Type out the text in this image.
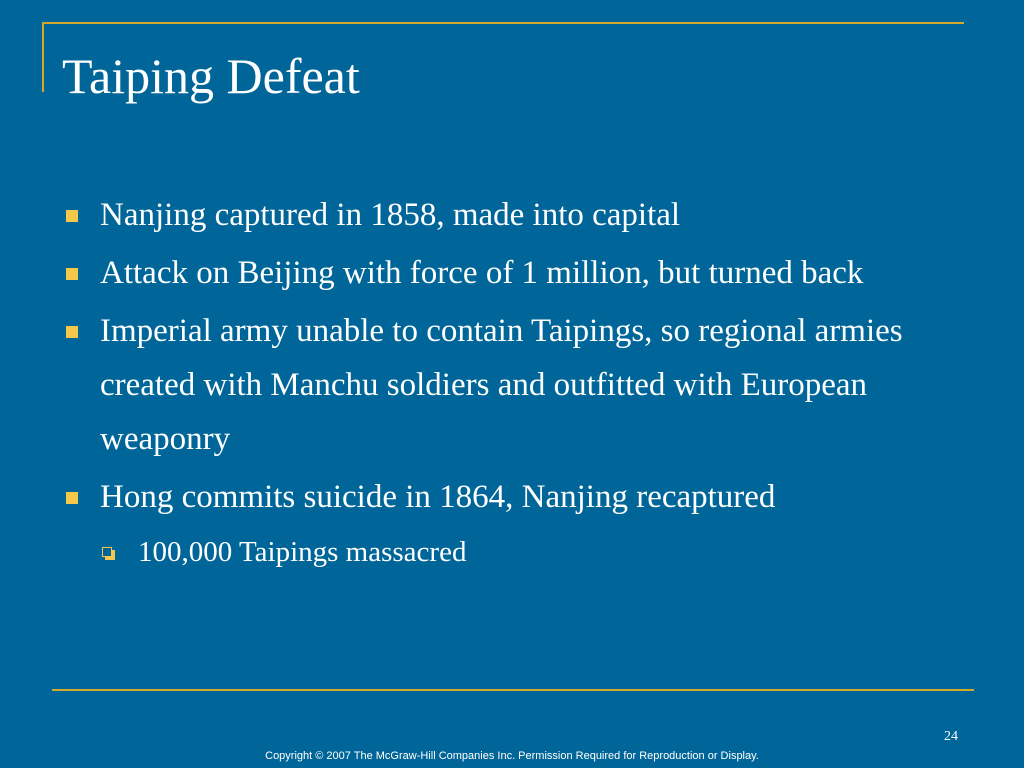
Taiping Defeat
Nanjing captured in 1858, made into capital
Attack on Beijing with force of 1 million, but turned back
Imperial army unable to contain Taipings, so regional armies created with Manchu soldiers and outfitted with European weaponry
Hong commits suicide in 1864, Nanjing recaptured
100,000 Taipings massacred
24
Copyright © 2007 The McGraw-Hill Companies Inc. Permission Required for Reproduction or Display.
